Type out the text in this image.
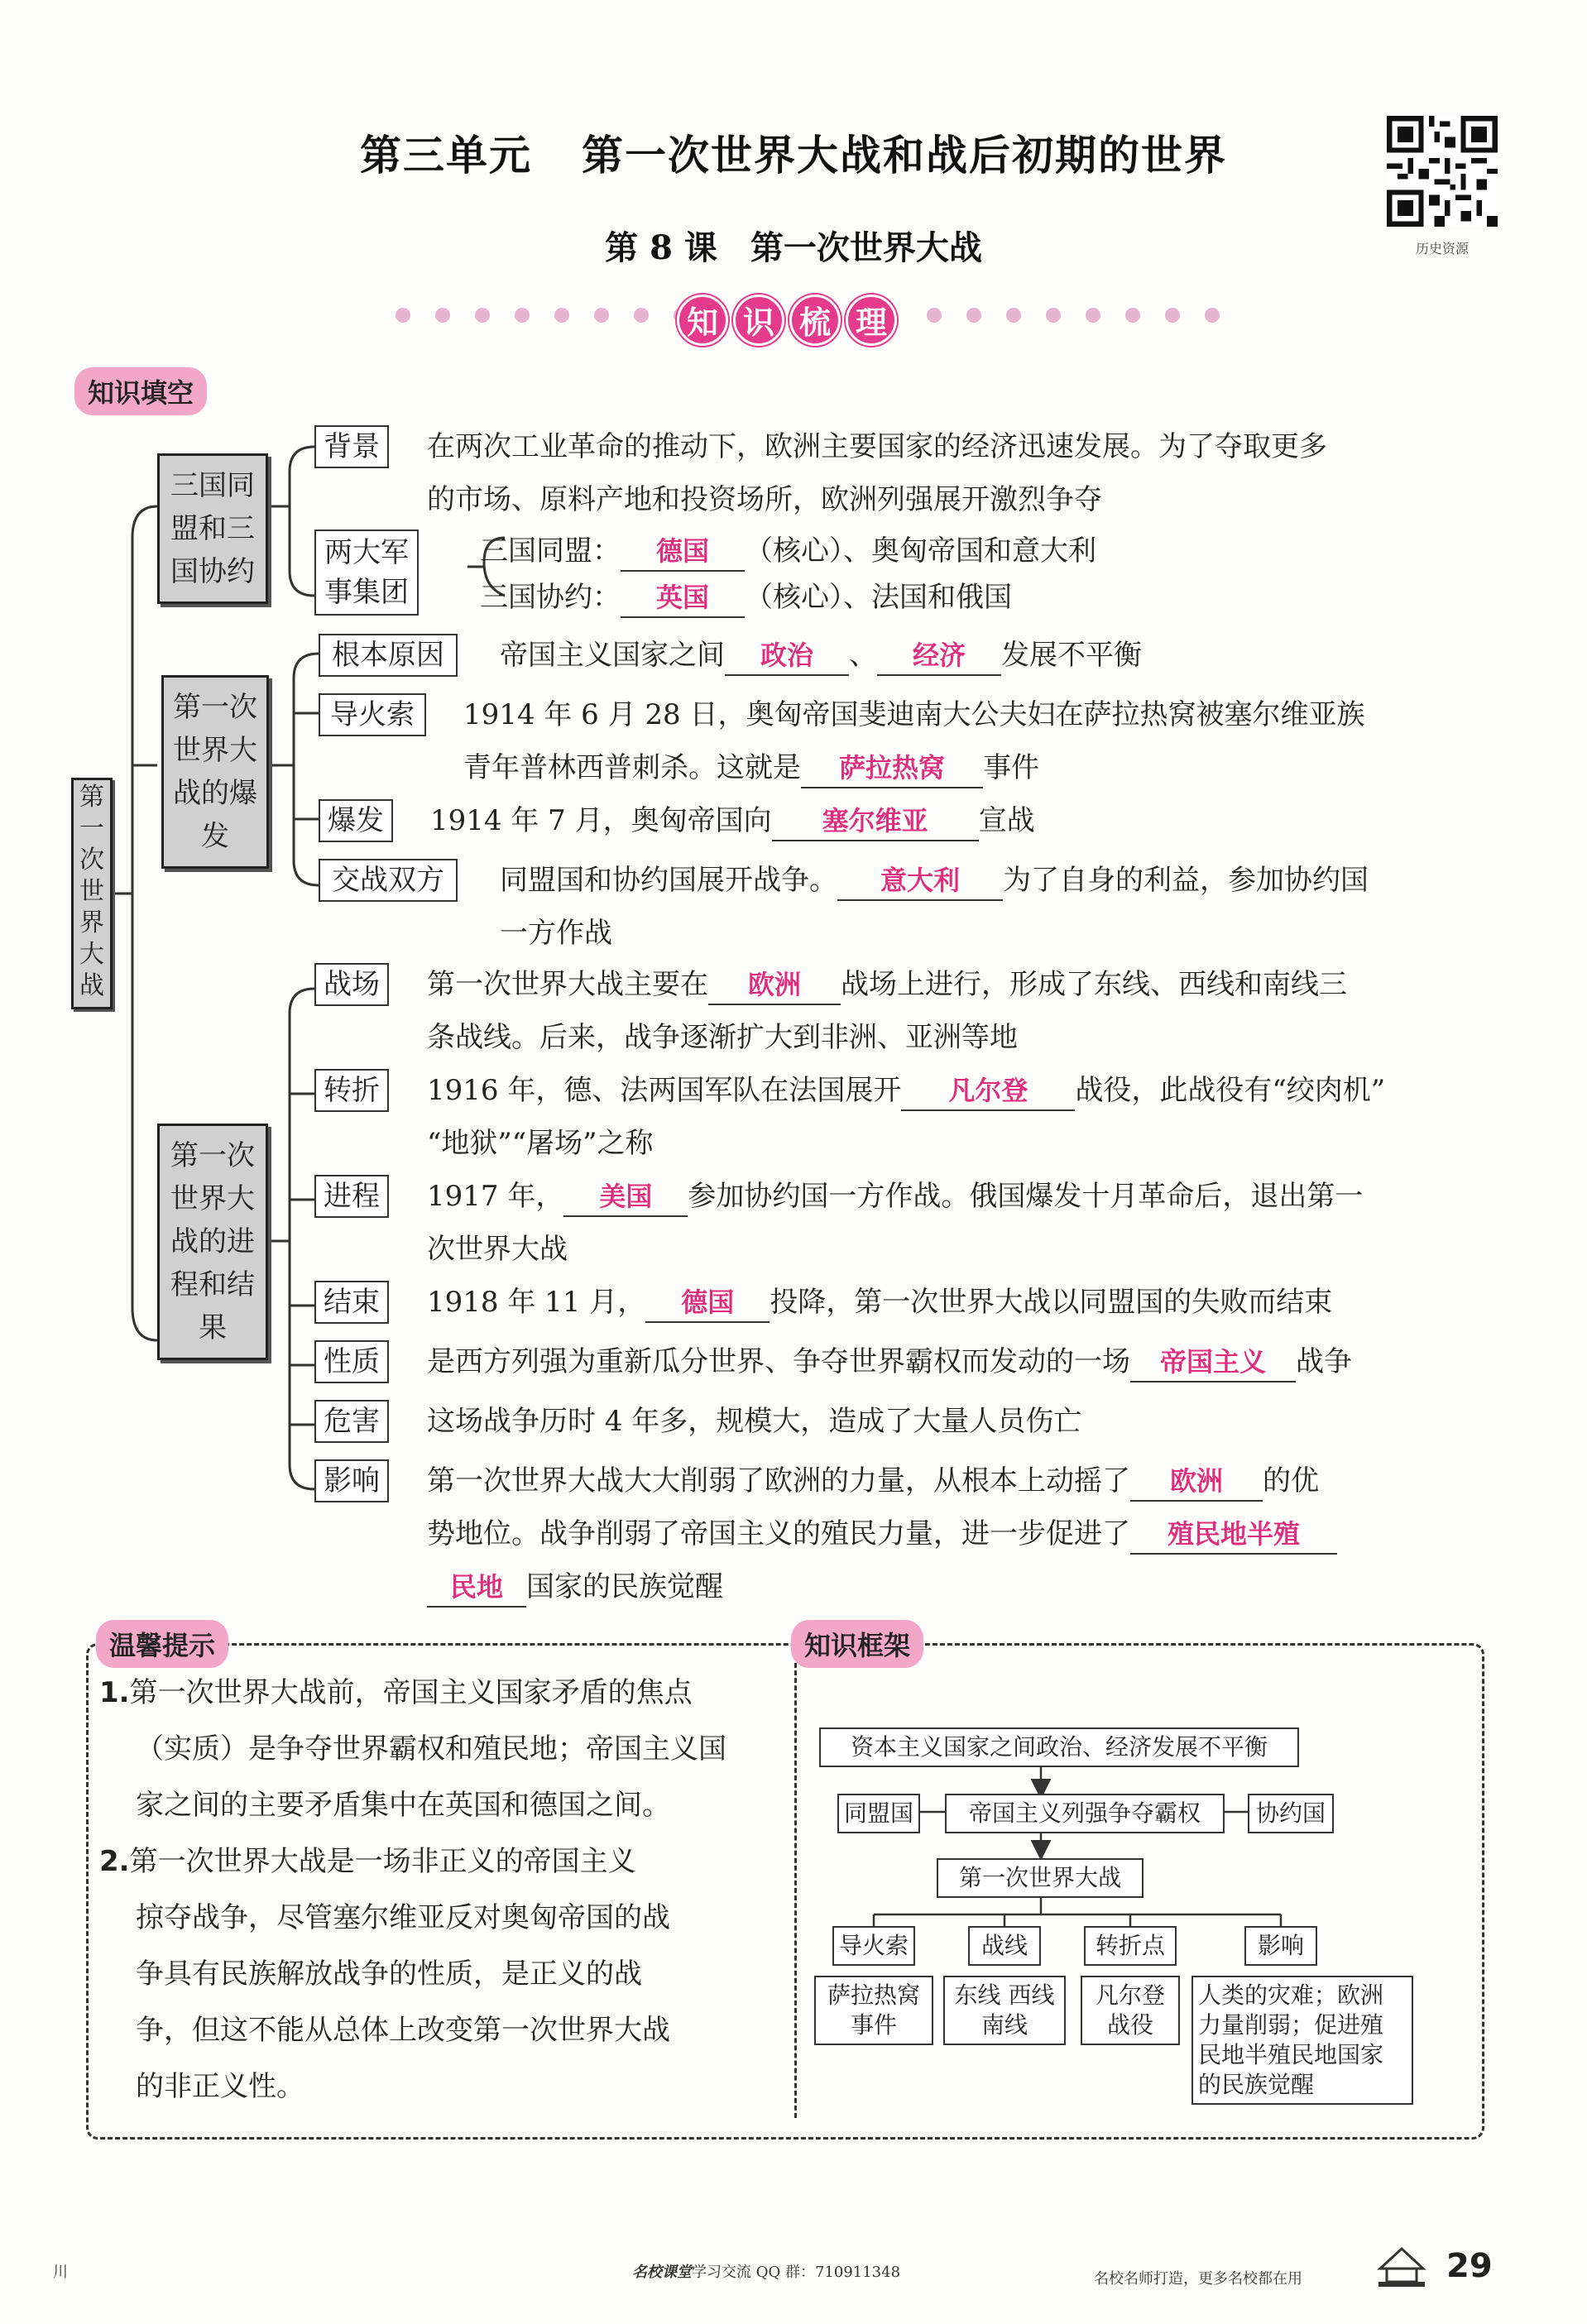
第三单元 第一次世界大战和战后初期的世界
第 8 课 第一次世界大战	历史资源
知 识 梳 理
知识填空
第一次世界大战
三国同盟和三国协约
第一次世界大战的爆发
第一次世界大战的进程和结果
背景	在两次工业革命的推动下，欧洲主要国家的经济迅速发展。为了夺取更多
的市场、原料产地和投资场所，欧洲列强展开激烈争夺
两大军事集团
三国同盟： 德国 （核心）、奥匈帝国和意大利
三国协约： 英国 （核心）、法国和俄国
根本原因	帝国主义国家之间 政治 、 经济 发展不平衡
导火索	1914 年 6 月 28 日，奥匈帝国斐迪南大公夫妇在萨拉热窝被塞尔维亚族
青年普林西普刺杀。这就是 萨拉热窝 事件
爆发	1914 年 7 月，奥匈帝国向 塞尔维亚 宣战
交战双方	同盟国和协约国展开战争。 意大利 为了自身的利益，参加协约国
一方作战
战场	第一次世界大战主要在 欧洲 战场上进行，形成了东线、西线和南线三
条战线。后来，战争逐渐扩大到非洲、亚洲等地
转折	1916 年，德、法两国军队在法国展开 凡尔登 战役，此战役有“绞肉机”
“地狱”“屠场”之称
进程	1917 年， 美国 参加协约国一方作战。俄国爆发十月革命后，退出第一
次世界大战
结束	1918 年 11 月， 德国 投降，第一次世界大战以同盟国的失败而结束
性质	是西方列强为重新瓜分世界、争夺世界霸权而发动的一场 帝国主义 战争
危害	这场战争历时 4 年多，规模大，造成了大量人员伤亡
影响	第一次世界大战大大削弱了欧洲的力量，从根本上动摇了 欧洲 的优
势地位。战争削弱了帝国主义的殖民力量，进一步促进了 殖民地半殖
民地 国家的民族觉醒
温馨提示	知识框架
1.第一次世界大战前，帝国主义国家矛盾的焦点
（实质）是争夺世界霸权和殖民地；帝国主义国
家之间的主要矛盾集中在英国和德国之间。
2.第一次世界大战是一场非正义的帝国主义
掠夺战争，尽管塞尔维亚反对奥匈帝国的战
争具有民族解放战争的性质，是正义的战
争，但这不能从总体上改变第一次世界大战
的非正义性。
资本主义国家之间政治、经济发展不平衡
同盟国	帝国主义列强争夺霸权	协约国
第一次世界大战
导火索
萨拉热窝
事件
战线
东线 西线
南线
转折点
凡尔登
战役
影响
人类的灾难；欧洲
力量削弱；促进殖
民地半殖民地国家
的民族觉醒
川	名校课堂学习交流 QQ 群：710911348	名校名师打造，更多名校都在用	29
